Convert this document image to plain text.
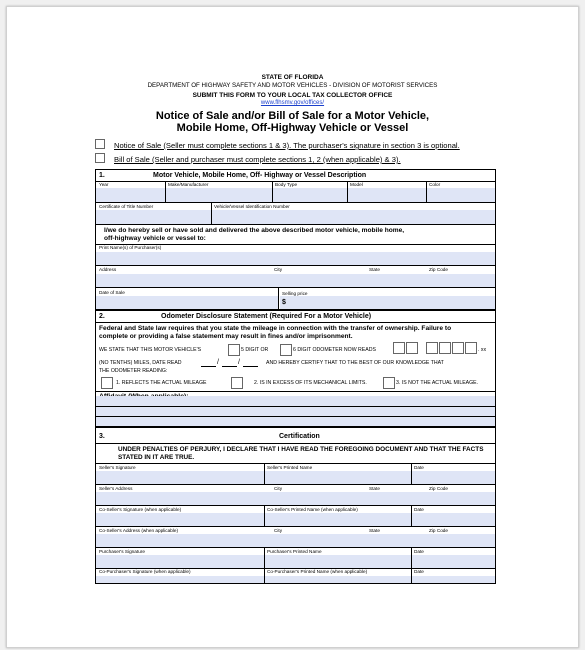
STATE OF FLORIDA
DEPARTMENT OF HIGHWAY SAFETY AND MOTOR VEHICLES - DIVISION OF MOTORIST SERVICES
SUBMIT THIS FORM TO YOUR LOCAL TAX COLLECTOR OFFICE
www.flhsmv.gov/offices/
Notice of Sale and/or Bill of Sale for a Motor Vehicle,
Mobile Home, Off-Highway Vehicle or Vessel
Notice of Sale (Seller must complete sections 1 & 3). The purchaser's signature in section 3 is optional.
Bill of Sale (Seller and purchaser must complete sections 1, 2 (when applicable) & 3).
1.	Motor Vehicle, Mobile Home, Off- Highway or Vessel Description
Year	Make/Manufacturer	Body Type	Model	Color
Certificate of Title Number	Vehicle/Vessel Identification Number
I/we do hereby sell or have sold and delivered the above described motor vehicle, mobile home,
off-highway vehicle or vessel to:
Print Name(s) of Purchaser(s)
Address	City	State	Zip Code
Date of Sale	Selling price
$
2.	Odometer Disclosure Statement (Required For a Motor Vehicle)
Federal and State law requires that you state the mileage in connection with the transfer of ownership. Failure to
complete or providing a false statement may result in fines and/or imprisonment.
WE STATE THAT THIS MOTOR VEHICLE'S	5 DIGIT OR	6 DIGIT ODOMETER NOW READS	. xx
(NO TENTHS) MILES, DATE READ	/	/	AND HEREBY CERTIFY THAT TO THE BEST OF OUR KNOWLEDGE THAT
THE ODOMETER READING:
1. REFLECTS THE ACTUAL MILEAGE	2. IS IN EXCESS OF ITS MECHANICAL LIMITS.	3. IS NOT THE ACTUAL MILEAGE.
3.	Certification
UNDER PENALTIES OF PERJURY, I DECLARE THAT I HAVE READ THE FOREGOING DOCUMENT AND THAT THE FACTS
STATED IN IT ARE TRUE.
Seller's Signature	Seller's Printed Name	Date
Seller's Address	City	State	Zip Code
Co-Seller's Signature (when applicable)	Co-Seller's Printed Name (when applicable)	Date
Co-Seller's Address (when applicable)	City	State	Zip Code
Purchaser's Signature	Purchaser's Printed Name	Date
Co-Purchaser's Signature (when applicable)	Co-Purchaser's Printed Name (when applicable)	Date
